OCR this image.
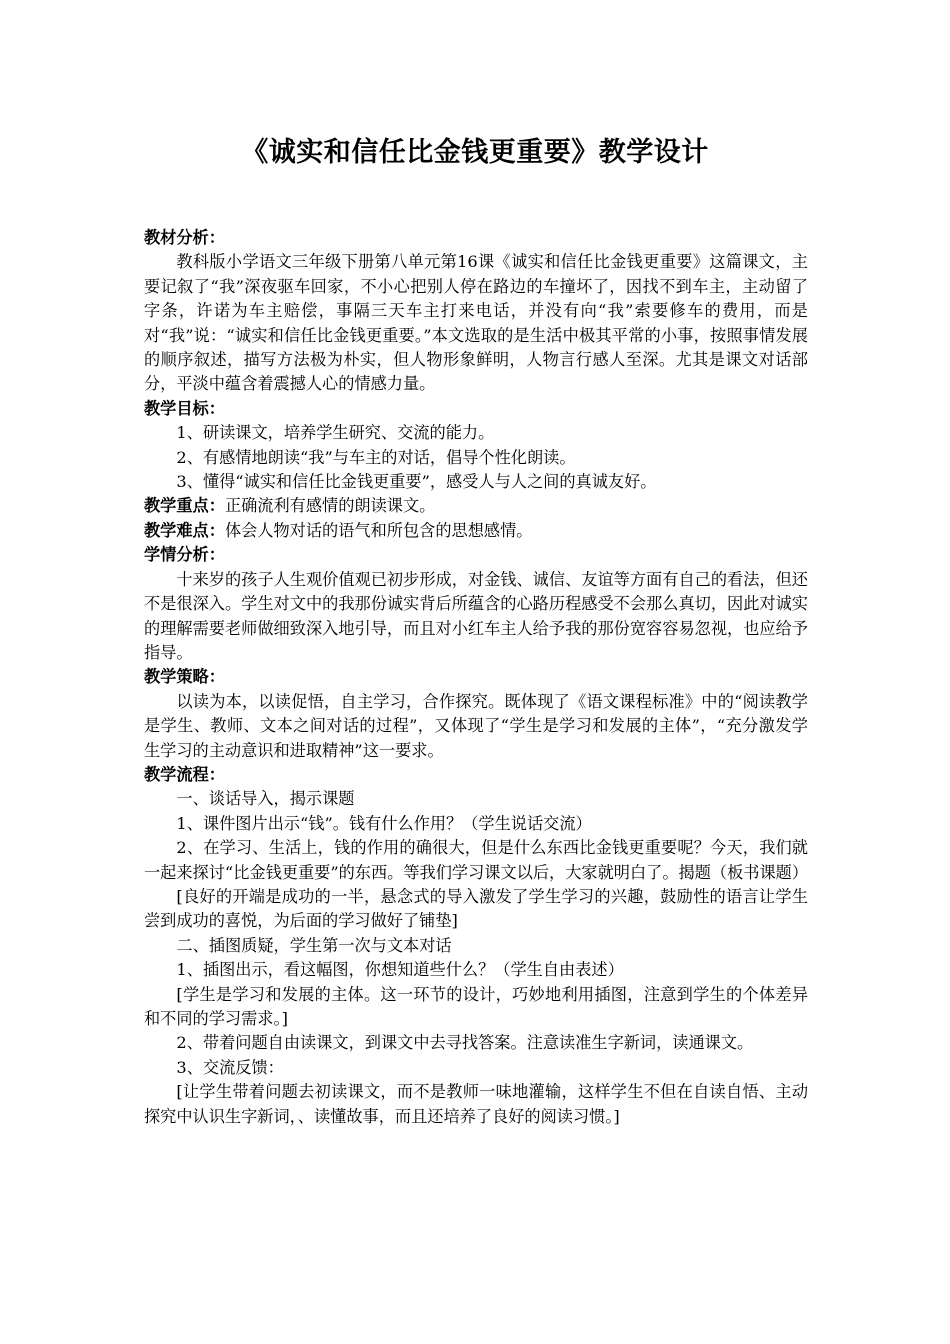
《诚实和信任比金钱更重要》教学设计

教材分析：

教科版小学语文三年级下册第八单元第16课《诚实和信任比金钱更重要》这篇课文，主要记叙了“我”深夜驱车回家，不小心把别人停在路边的车撞坏了，因找不到车主，主动留了字条，许诺为车主赔偿，事隔三天车主打来电话，并没有向“我”索要修车的费用，而是对“我”说：“诚实和信任比金钱更重要。”本文选取的是生活中极其平常的小事，按照事情发展的顺序叙述，描写方法极为朴实，但人物形象鲜明，人物言行感人至深。尤其是课文对话部分，平淡中蕴含着震撼人心的情感力量。

教学目标：

1、研读课文，培养学生研究、交流的能力。

2、有感情地朗读“我”与车主的对话，倡导个性化朗读。

3、懂得“诚实和信任比金钱更重要”，感受人与人之间的真诚友好。

教学重点：正确流利有感情的朗读课文。

教学难点：体会人物对话的语气和所包含的思想感情。

学情分析：

十来岁的孩子人生观价值观已初步形成，对金钱、诚信、友谊等方面有自己的看法，但还不是很深入。学生对文中的我那份诚实背后所蕴含的心路历程感受不会那么真切，因此对诚实的理解需要老师做细致深入地引导，而且对小红车主人给予我的那份宽容容易忽视，也应给予指导。

教学策略：

以读为本，以读促悟，自主学习，合作探究。既体现了《语文课程标准》中的“阅读教学是学生、教师、文本之间对话的过程”，又体现了“学生是学习和发展的主体”，“充分激发学生学习的主动意识和进取精神”这一要求。

教学流程：

一、谈话导入，揭示课题

1、课件图片出示“钱”。钱有什么作用？（学生说话交流）

2、在学习、生活上，钱的作用的确很大，但是什么东西比金钱更重要呢？今天，我们就一起来探讨“比金钱更重要”的东西。等我们学习课文以后，大家就明白了。揭题（板书课题）

[良好的开端是成功的一半，悬念式的导入激发了学生学习的兴趣，鼓励性的语言让学生尝到成功的喜悦，为后面的学习做好了铺垫]

二、插图质疑，学生第一次与文本对话

1、插图出示，看这幅图，你想知道些什么？（学生自由表述）

[学生是学习和发展的主体。这一环节的设计，巧妙地利用插图，注意到学生的个体差异和不同的学习需求。]

2、带着问题自由读课文，到课文中去寻找答案。注意读准生字新词，读通课文。

3、交流反馈：

[让学生带着问题去初读课文，而不是教师一味地灌输，这样学生不但在自读自悟、主动探究中认识生字新词，、读懂故事，而且还培养了良好的阅读习惯。]
